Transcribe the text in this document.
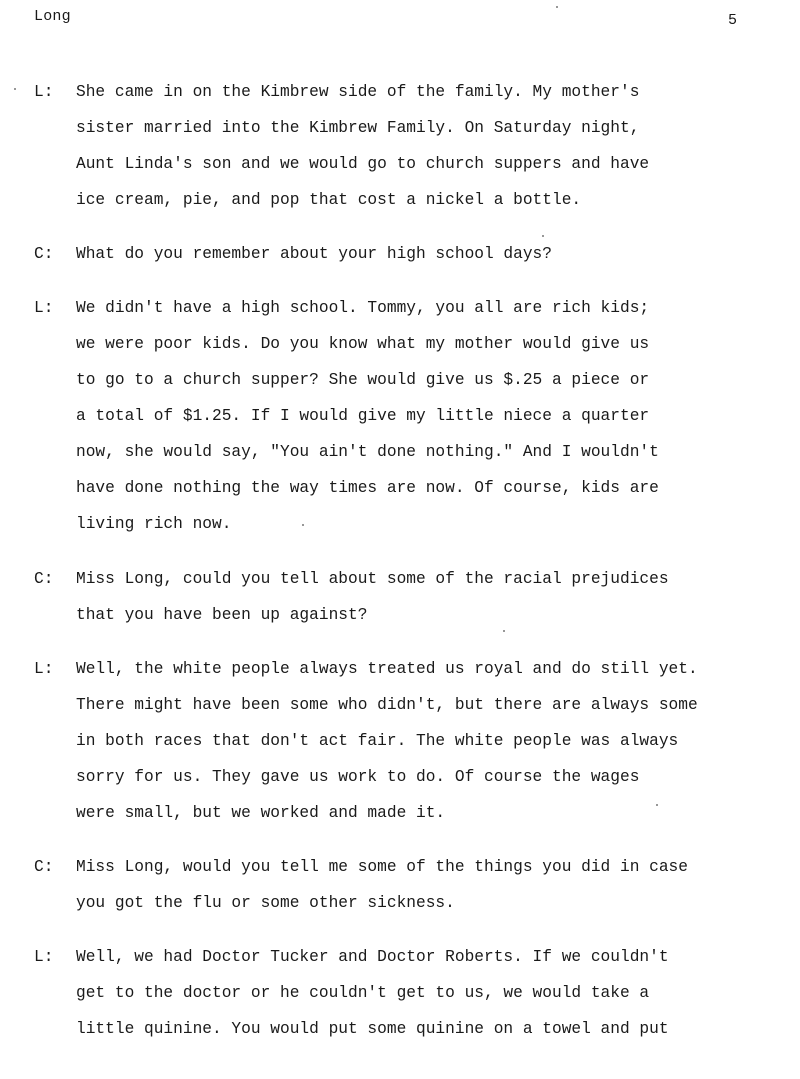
Long	5
L: She came in on the Kimbrew side of the family. My mother's
sister married into the Kimbrew Family. On Saturday night,
Aunt Linda's son and we would go to church suppers and have
ice cream, pie, and pop that cost a nickel a bottle.
C: What do you remember about your high school days?
L: We didn't have a high school. Tommy, you all are rich kids;
we were poor kids. Do you know what my mother would give us
to go to a church supper? She would give us $.25 a piece or
a total of $1.25. If I would give my little niece a quarter
now, she would say, "You ain't done nothing." And I wouldn't
have done nothing the way times are now. Of course, kids are
living rich now.
C: Miss Long, could you tell about some of the racial prejudices
that you have been up against?
L: Well, the white people always treated us royal and do still yet.
There might have been some who didn't, but there are always some
in both races that don't act fair. The white people was always
sorry for us. They gave us work to do. Of course the wages
were small, but we worked and made it.
C: Miss Long, would you tell me some of the things you did in case
you got the flu or some other sickness.
L: Well, we had Doctor Tucker and Doctor Roberts. If we couldn't
get to the doctor or he couldn't get to us, we would take a
little quinine. You would put some quinine on a towel and put
